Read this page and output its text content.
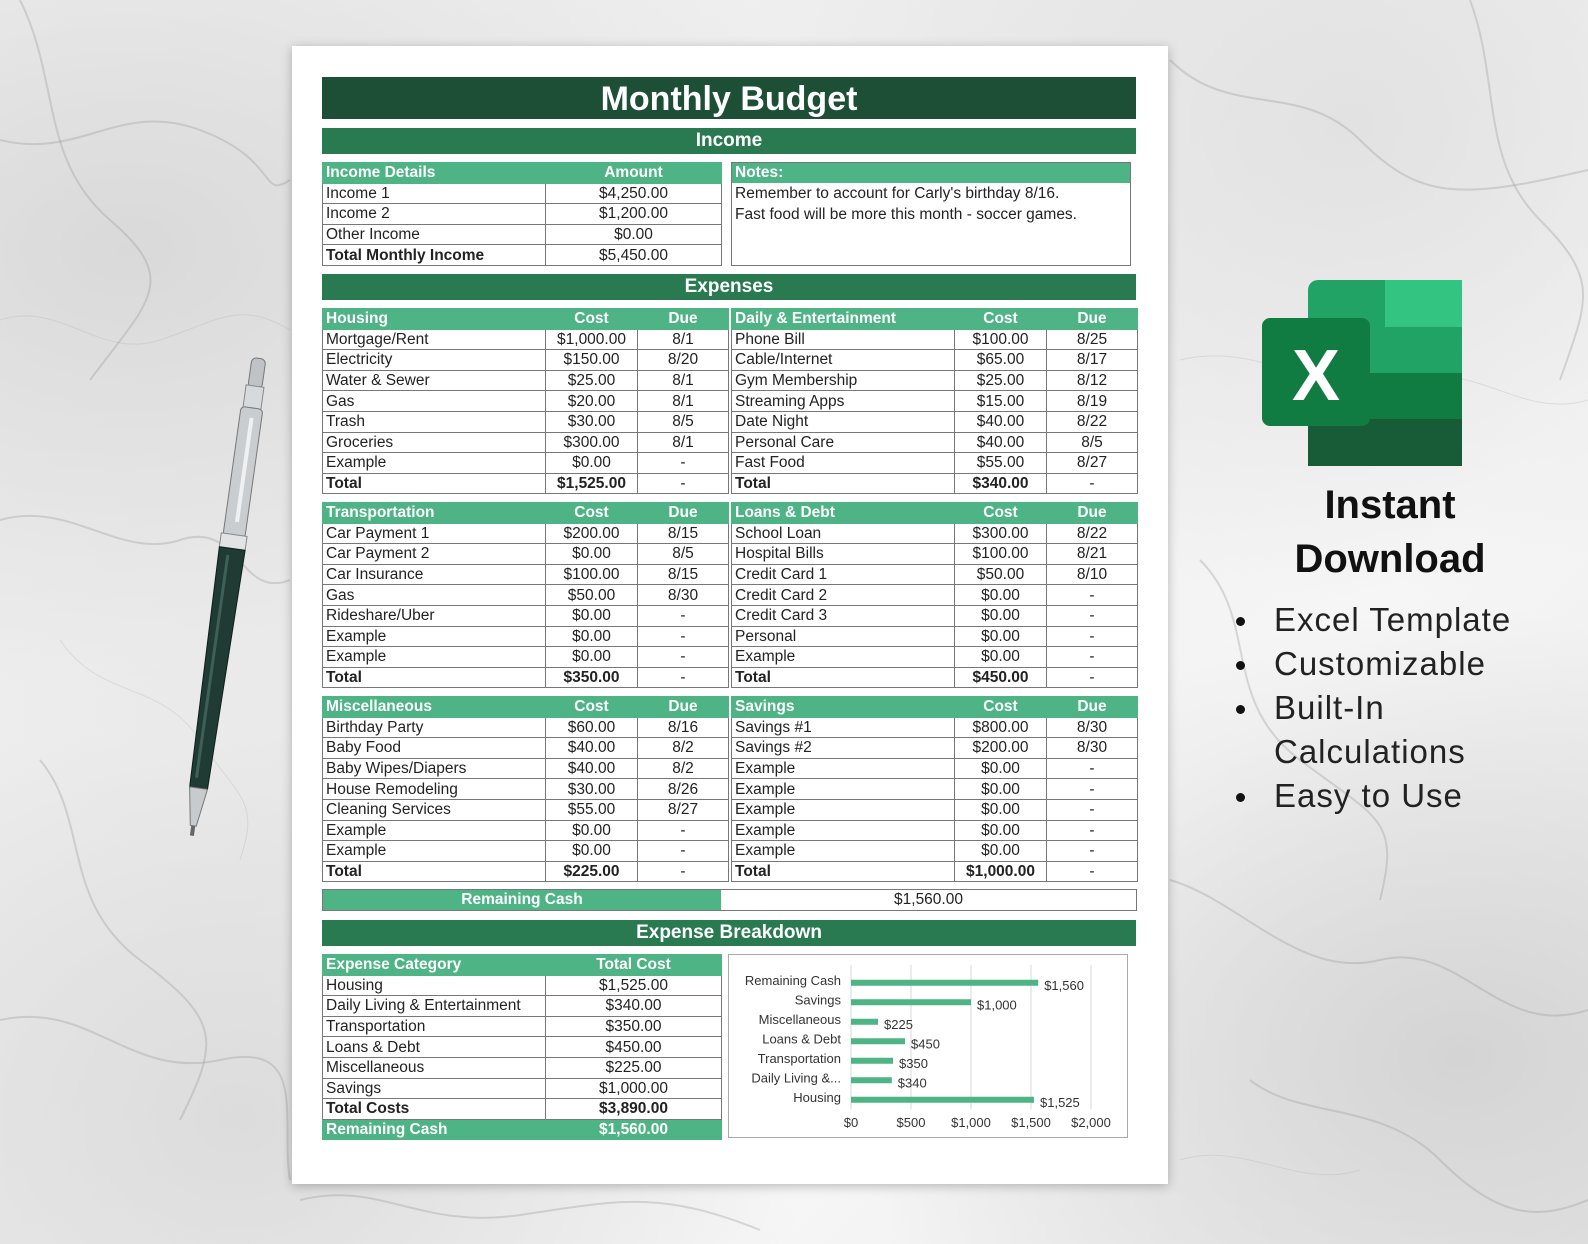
Monthly Budget
Income
Income Details	Amount
Income 1	$4,250.00
Income 2	$1,200.00
Other Income	$0.00
Total Monthly Income	$5,450.00
Notes:
Remember to account for Carly's birthday 8/16.
Fast food will be more this month - soccer games.
Expenses
Housing	Cost	Due
Mortgage/Rent	$1,000.00	8/1
Electricity	$150.00	8/20
Water & Sewer	$25.00	8/1
Gas	$20.00	8/1
Trash	$30.00	8/5
Groceries	$300.00	8/1
Example	$0.00	-
Total	$1,525.00	-
Daily & Entertainment	Cost	Due
Phone Bill	$100.00	8/25
Cable/Internet	$65.00	8/17
Gym Membership	$25.00	8/12
Streaming Apps	$15.00	8/19
Date Night	$40.00	8/22
Personal Care	$40.00	8/5
Fast Food	$55.00	8/27
Total	$340.00	-
Transportation	Cost	Due
Car Payment 1	$200.00	8/15
Car Payment 2	$0.00	8/5
Car Insurance	$100.00	8/15
Gas	$50.00	8/30
Rideshare/Uber	$0.00	-
Example	$0.00	-
Example	$0.00	-
Total	$350.00	-
Loans & Debt	Cost	Due
School Loan	$300.00	8/22
Hospital Bills	$100.00	8/21
Credit Card 1	$50.00	8/10
Credit Card 2	$0.00	-
Credit Card 3	$0.00	-
Personal	$0.00	-
Example	$0.00	-
Total	$450.00	-
Miscellaneous	Cost	Due
Birthday Party	$60.00	8/16
Baby Food	$40.00	8/2
Baby Wipes/Diapers	$40.00	8/2
House Remodeling	$30.00	8/26
Cleaning Services	$55.00	8/27
Example	$0.00	-
Example	$0.00	-
Total	$225.00	-
Savings	Cost	Due
Savings #1	$800.00	8/30
Savings #2	$200.00	8/30
Example	$0.00	-
Example	$0.00	-
Example	$0.00	-
Example	$0.00	-
Example	$0.00	-
Total	$1,000.00	-
Remaining Cash	$1,560.00
Expense Breakdown
Expense Category	Total Cost
Housing	$1,525.00
Daily Living & Entertainment	$340.00
Transportation	$350.00
Loans & Debt	$450.00
Miscellaneous	$225.00
Savings	$1,000.00
Total Costs	$3,890.00
Remaining Cash	$1,560.00	$0	$500 $1,000 $1,500 $2,000
Remaining Cash	$1,560
Savings	$1,000
Miscellaneous	$225
Loans & Debt	$450
Transportation	$350
Daily Living &...	$340
Housing	$1,525
X
Instant
Download
Excel Template
Customizable
Built-In
Calculations
Easy to Use
